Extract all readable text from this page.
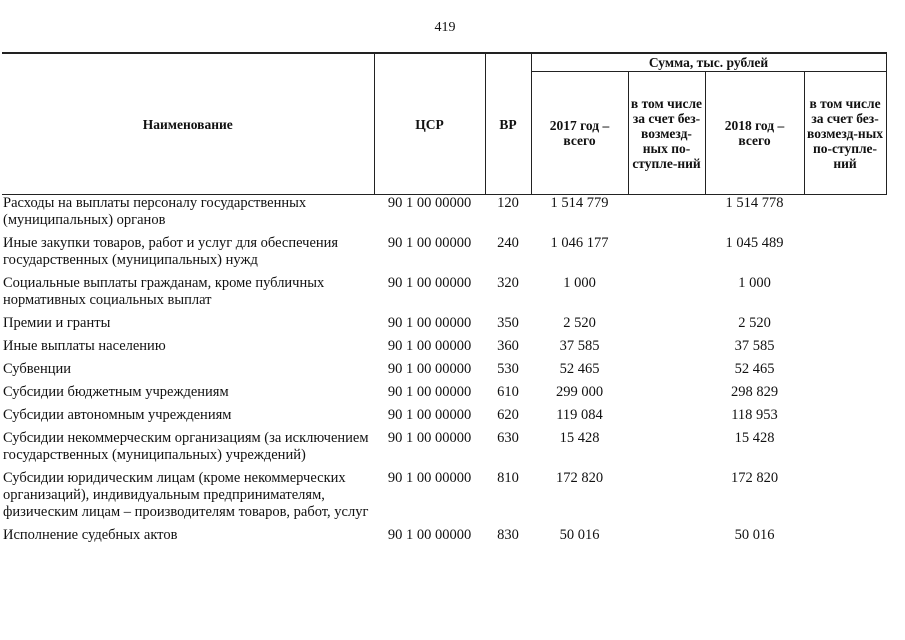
419
Наименование	ЦСР	ВР	Сумма, тыс. рублей			
			2017 год – всего	в том числе за счет без-возмезд-ных по-ступле-ний	2018 год – всего	в том числе за счет без-возмезд-ных по-ступле-ний
Расходы на выплаты персоналу государственных (муниципальных) органов	90 1 00 00000	120	1 514 779		1 514 778	
Иные закупки товаров, работ и услуг для обеспечения государственных (муниципальных) нужд	90 1 00 00000	240	1 046 177		1 045 489	
Социальные выплаты гражданам, кроме публичных нормативных социальных выплат	90 1 00 00000	320	1 000		1 000	
Премии и гранты	90 1 00 00000	350	2 520		2 520	
Иные выплаты населению	90 1 00 00000	360	37 585		37 585	
Субвенции	90 1 00 00000	530	52 465		52 465	
Субсидии бюджетным учреждениям	90 1 00 00000	610	299 000		298 829	
Субсидии автономным учреждениям	90 1 00 00000	620	119 084		118 953	
Субсидии некоммерческим организациям (за исключением государственных (муниципальных) учреждений)	90 1 00 00000	630	15 428		15 428	
Субсидии юридическим лицам (кроме некоммерческих организаций), индивидуальным предпринимателям, физическим лицам – производителям товаров, работ, услуг	90 1 00 00000	810	172 820		172 820	
Исполнение судебных актов	90 1 00 00000	830	50 016		50 016	
